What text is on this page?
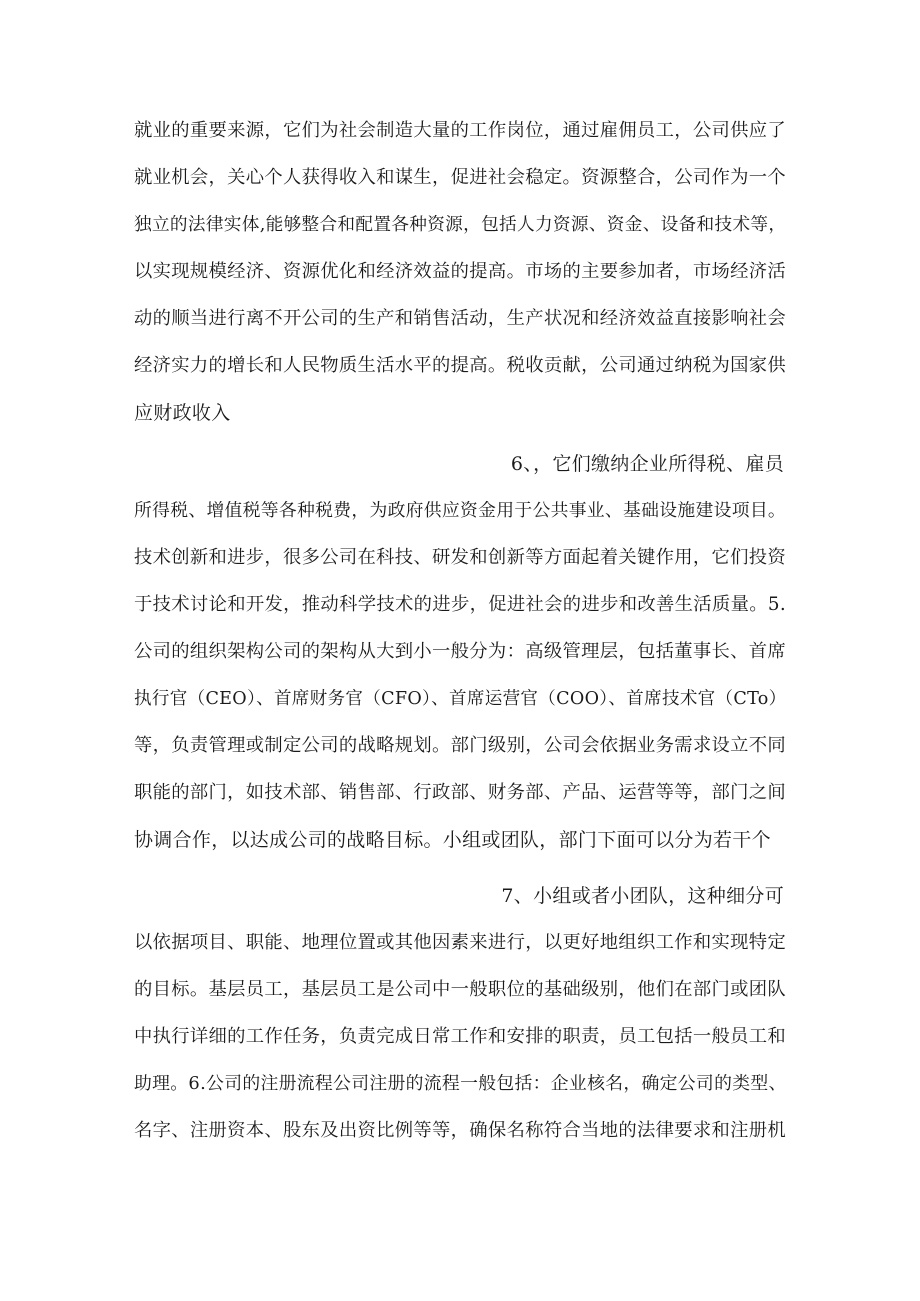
就业的重要来源，它们为社会制造大量的工作岗位，通过雇佣员工，公司供应了
就业机会，关心个人获得收入和谋生，促进社会稳定。资源整合，公司作为一个
独立的法律实体,能够整合和配置各种资源，包括人力资源、资金、设备和技术等，
以实现规模经济、资源优化和经济效益的提高。市场的主要参加者，市场经济活
动的顺当进行离不开公司的生产和销售活动，生产状况和经济效益直接影响社会
经济实力的增长和人民物质生活水平的提高。税收贡献，公司通过纳税为国家供
应财政收入
6、，它们缴纳企业所得税、雇员
所得税、增值税等各种税费，为政府供应资金用于公共事业、基础设施建设项目。
技术创新和进步，很多公司在科技、研发和创新等方面起着关键作用，它们投资
于技术讨论和开发，推动科学技术的进步，促进社会的进步和改善生活质量。5.
公司的组织架构公司的架构从大到小一般分为：高级管理层，包括董事长、首席
执行官（CEO）、首席财务官（CFO）、首席运营官（COO）、首席技术官（CTo）
等，负责管理或制定公司的战略规划。部门级别，公司会依据业务需求设立不同
职能的部门，如技术部、销售部、行政部、财务部、产品、运营等等，部门之间
协调合作，以达成公司的战略目标。小组或团队，部门下面可以分为若干个
7、小组或者小团队，这种细分可
以依据项目、职能、地理位置或其他因素来进行，以更好地组织工作和实现特定
的目标。基层员工，基层员工是公司中一般职位的基础级别，他们在部门或团队
中执行详细的工作任务，负责完成日常工作和安排的职责，员工包括一般员工和
助理。6.公司的注册流程公司注册的流程一般包括：企业核名，确定公司的类型、
名字、注册资本、股东及出资比例等等，确保名称符合当地的法律要求和注册机
